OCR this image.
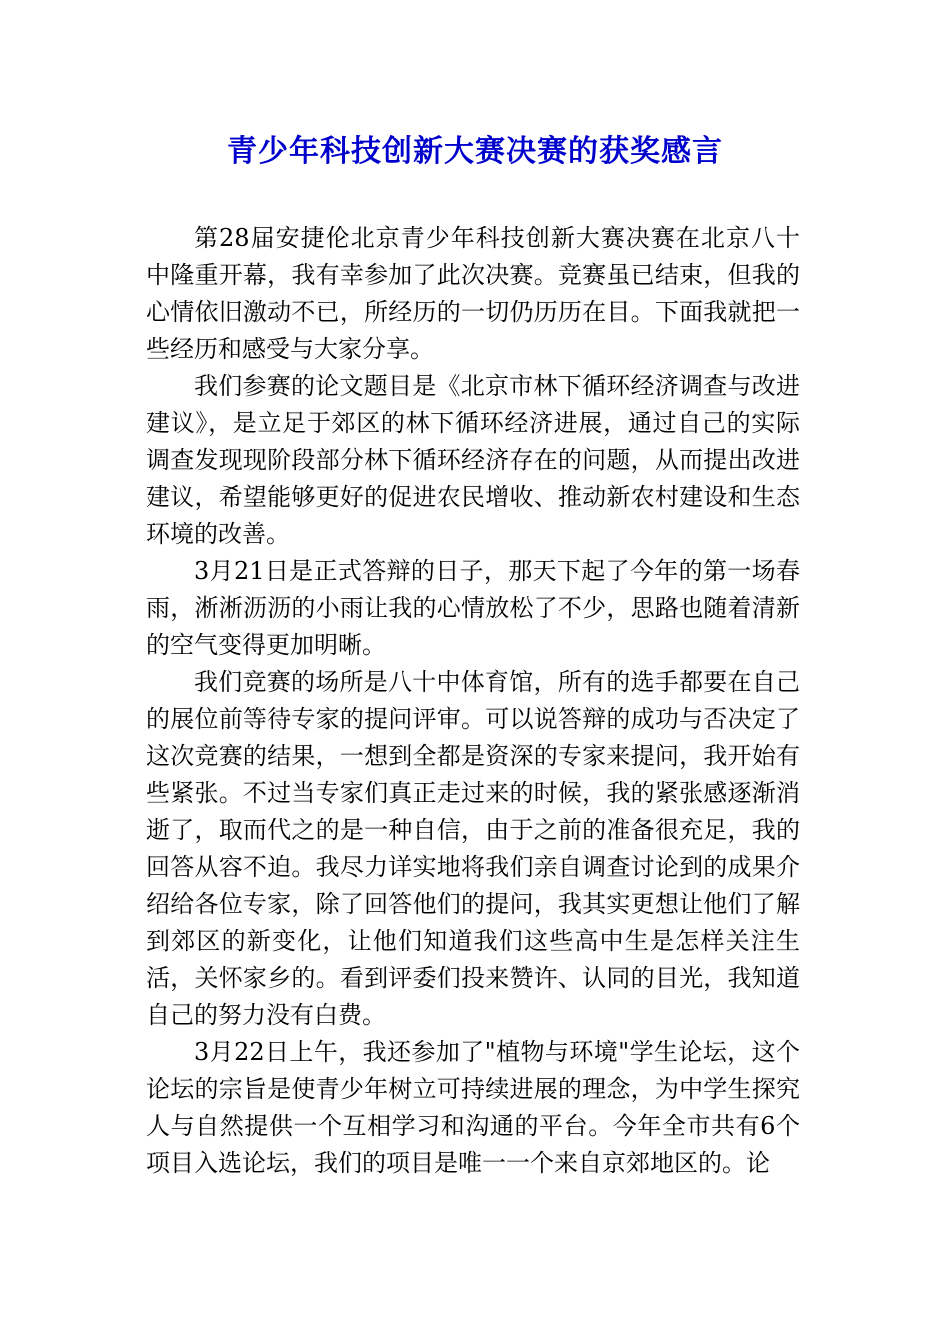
青少年科技创新大赛决赛的获奖感言

第28届安捷伦北京青少年科技创新大赛决赛在北京八十中隆重开幕，我有幸参加了此次决赛。竞赛虽已结束，但我的心情依旧激动不已，所经历的一切仍历历在目。下面我就把一些经历和感受与大家分享。

我们参赛的论文题目是《北京市林下循环经济调查与改进建议》，是立足于郊区的林下循环经济进展，通过自己的实际调查发现现阶段部分林下循环经济存在的问题，从而提出改进建议，希望能够更好的促进农民增收、推动新农村建设和生态环境的改善。

3月21日是正式答辩的日子，那天下起了今年的第一场春雨，淅淅沥沥的小雨让我的心情放松了不少，思路也随着清新的空气变得更加明晰。

我们竞赛的场所是八十中体育馆，所有的选手都要在自己的展位前等待专家的提问评审。可以说答辩的成功与否决定了这次竞赛的结果，一想到全都是资深的专家来提问，我开始有些紧张。不过当专家们真正走过来的时候，我的紧张感逐渐消逝了，取而代之的是一种自信，由于之前的准备很充足，我的回答从容不迫。我尽力详实地将我们亲自调查讨论到的成果介绍给各位专家，除了回答他们的提问，我其实更想让他们了解到郊区的新变化，让他们知道我们这些高中生是怎样关注生活，关怀家乡的。看到评委们投来赞许、认同的目光，我知道自己的努力没有白费。

3月22日上午，我还参加了"植物与环境"学生论坛，这个论坛的宗旨是使青少年树立可持续进展的理念，为中学生探究人与自然提供一个互相学习和沟通的平台。今年全市共有6个项目入选论坛，我们的项目是唯一一个来自京郊地区的。论
